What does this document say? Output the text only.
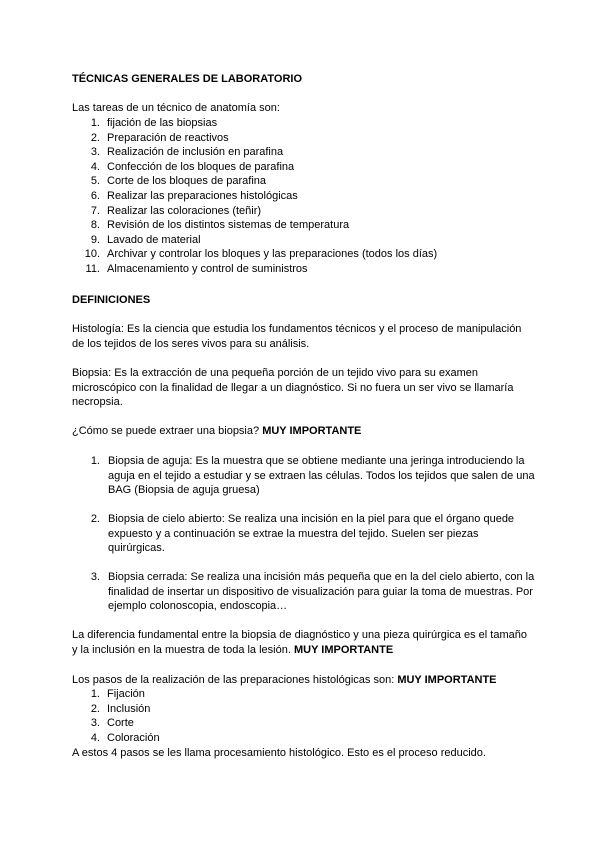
TÉCNICAS GENERALES DE LABORATORIO
Las tareas de un técnico de anatomía son:
1. fijación de las biopsias
2. Preparación de reactivos
3. Realización de inclusión en parafina
4. Confección de los bloques de parafina
5. Corte de los bloques de parafina
6. Realizar las preparaciones histológicas
7. Realizar las coloraciones (teñir)
8. Revisión de los distintos sistemas de temperatura
9. Lavado de material
10. Archivar y controlar los bloques y las preparaciones (todos los días)
11. Almacenamiento y control de suministros
DEFINICIONES
Histología: Es la ciencia que estudia los fundamentos técnicos y el proceso de manipulación de los tejidos de los seres vivos para su análisis.
Biopsia: Es la extracción de una pequeña porción de un tejido vivo para su examen microscópico con la finalidad de llegar a un diagnóstico. Si no fuera un ser vivo se llamaría necropsia.
¿Cómo se puede extraer una biopsia? MUY IMPORTANTE
1. Biopsia de aguja: Es la muestra que se obtiene mediante una jeringa introduciendo la aguja en el tejido a estudiar y se extraen las células. Todos los tejidos que salen de una BAG (Biopsia de aguja gruesa)
2. Biopsia de cielo abierto: Se realiza una incisión en la piel para que el órgano quede expuesto y a continuación se extrae la muestra del tejido. Suelen ser piezas quirúrgicas.
3. Biopsia cerrada: Se realiza una incisión más pequeña que en la del cielo abierto, con la finalidad de insertar un dispositivo de visualización para guiar la toma de muestras. Por ejemplo colonoscopia, endoscopia…
La diferencia fundamental entre la biopsia de diagnóstico y una pieza quirúrgica es el tamaño y la inclusión en la muestra de toda la lesión. MUY IMPORTANTE
Los pasos de la realización de las preparaciones histológicas son: MUY IMPORTANTE
1. Fijación
2. Inclusión
3. Corte
4. Coloración
A estos 4 pasos se les llama procesamiento histológico. Esto es el proceso reducido.
